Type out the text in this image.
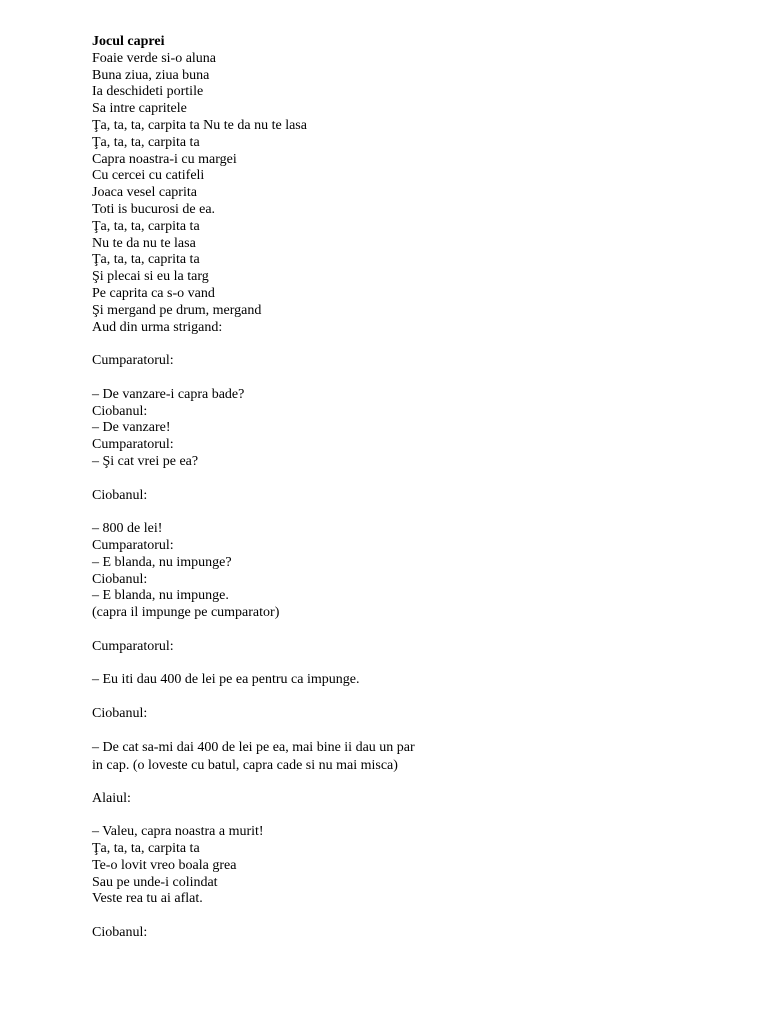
Jocul caprei
Foaie verde si-o aluna
Buna ziua, ziua buna
Ia deschideti portile
Sa intre capritele
Ţa, ta, ta, carpita ta Nu te da nu te lasa
Ţa, ta, ta, carpita ta
Capra noastra-i cu margei
Cu cercei cu catifeli
Joaca vesel caprita
Toti is bucurosi de ea.
Ţa, ta, ta, carpita ta
Nu te da nu te lasa
Ţa, ta, ta, caprita ta
Şi plecai si eu la targ
Pe caprita ca s-o vand
Şi mergand pe drum, mergand
Aud din urma strigand:
Cumparatorul:
– De vanzare-i capra bade?
Ciobanul:
– De vanzare!
Cumparatorul:
– Şi cat vrei pe ea?
Ciobanul:
– 800 de lei!
Cumparatorul:
– E blanda, nu impunge?
Ciobanul:
– E blanda, nu impunge.
(capra il impunge pe cumparator)
Cumparatorul:
– Eu iti dau 400 de lei pe ea pentru ca impunge.
Ciobanul:
– De cat sa-mi dai 400 de lei pe ea, mai bine ii dau un par in cap. (o loveste cu batul, capra cade si nu mai misca)
Alaiul:
– Valeu, capra noastra a murit!
Ţa, ta, ta, carpita ta
Te-o lovit vreo boala grea
Sau pe unde-i colindat
Veste rea tu ai aflat.
Ciobanul:
